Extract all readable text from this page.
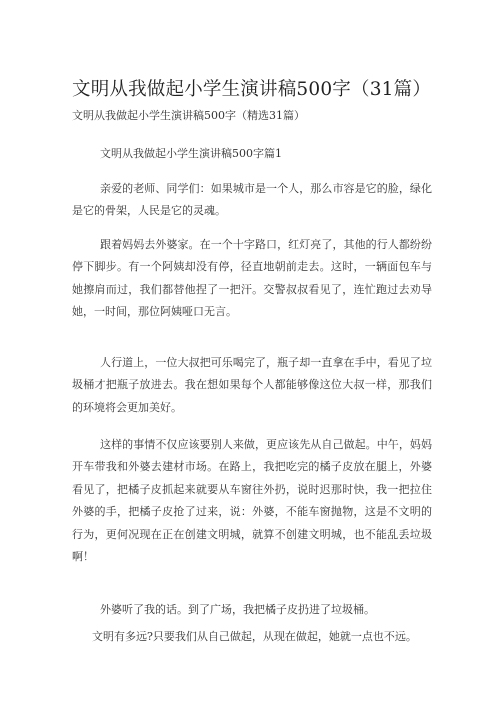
文明从我做起小学生演讲稿500字（31篇）
文明从我做起小学生演讲稿500字（精选31篇）
文明从我做起小学生演讲稿500字篇1

亲爱的老师、同学们：如果城市是一个人，那么市容是它的脸，绿化是它的骨架，人民是它的灵魂。

跟着妈妈去外婆家。在一个十字路口，红灯亮了，其他的行人都纷纷停下脚步。有一个阿姨却没有停，径直地朝前走去。这时，一辆面包车与她擦肩而过，我们都替他捏了一把汗。交警叔叔看见了，连忙跑过去劝导她，一时间，那位阿姨哑口无言。

人行道上，一位大叔把可乐喝完了，瓶子却一直拿在手中，看见了垃圾桶才把瓶子放进去。我在想如果每个人都能够像这位大叔一样，那我们的环境将会更加美好。

这样的事情不仅应该要别人来做，更应该先从自己做起。中午，妈妈开车带我和外婆去建材市场。在路上，我把吃完的橘子皮放在腿上，外婆看见了，把橘子皮抓起来就要从车窗往外扔，说时迟那时快，我一把拉住外婆的手，把橘子皮抢了过来，说：外婆，不能车窗抛物，这是不文明的行为，更何况现在正在创建文明城，就算不创建文明城，也不能乱丢垃圾啊！

外婆听了我的话。到了广场，我把橘子皮扔进了垃圾桶。

文明有多远?只要我们从自己做起，从现在做起，她就一点也不远。
